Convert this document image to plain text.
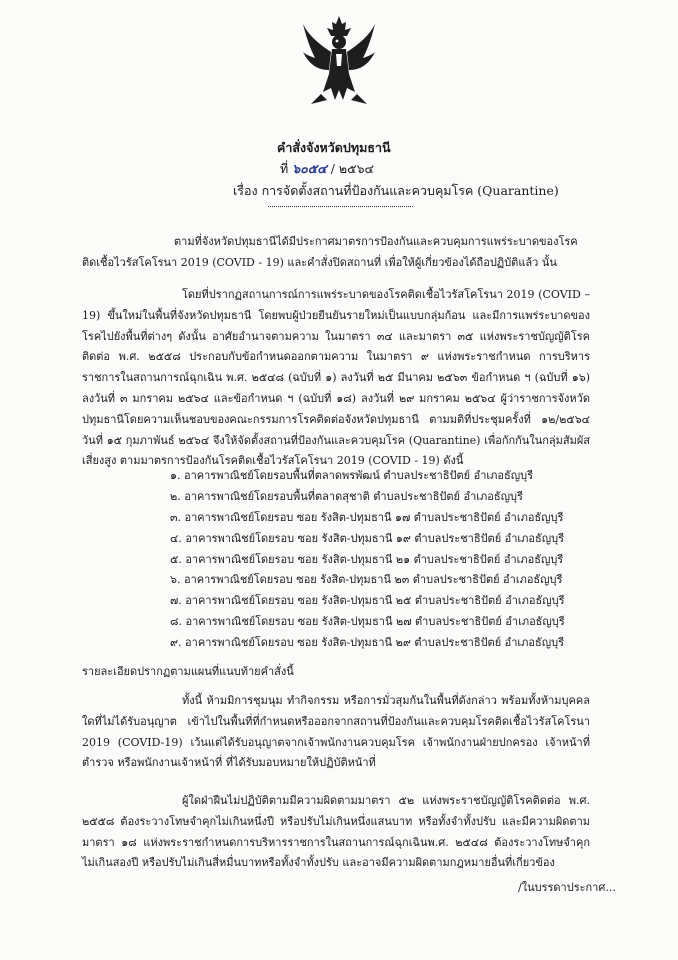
คำสั่งจังหวัดปทุมธานี
ที่ ๖๐๕๔ / ๒๕๖๔
เรื่อง การจัดตั้งสถานที่ป้องกันและควบคุมโรค (Quarantine)
ตามที่จังหวัดปทุมธานีได้มีประกาศมาตรการป้องกันและควบคุมการแพร่ระบาดของโรคติดเชื้อไวรัสโคโรนา 2019 (COVID - 19) และคำสั่งปิดสถานที่ เพื่อให้ผู้เกี่ยวข้องได้ถือปฏิบัติแล้ว นั้น
โดยที่ปรากฏสถานการณ์การแพร่ระบาดของโรคติดเชื้อไวรัสโคโรนา 2019 (COVID – 19) ขึ้นใหม่ในพื้นที่จังหวัดปทุมธานี โดยพบผู้ป่วยยืนยันรายใหม่เป็นแบบกลุ่มก้อน และมีการแพร่ระบาดของโรคไปยังพื้นที่ต่างๆ ดังนั้น อาศัยอำนาจตามความ ในมาตรา ๓๔ และมาตรา ๓๕ แห่งพระราชบัญญัติโรคติดต่อ พ.ศ. ๒๕๕๘ ประกอบกับข้อกำหนดออกตามความ ในมาตรา ๙ แห่งพระราชกำหนด การบริหารราชการในสถานการณ์ฉุกเฉิน พ.ศ. ๒๕๔๘ (ฉบับที่ ๑) ลงวันที่ ๒๕ มีนาคม ๒๕๖๓ ข้อกำหนด ฯ (ฉบับที่ ๑๖) ลงวันที่ ๓ มกราคม ๒๕๖๔ และข้อกำหนด ฯ (ฉบับที่ ๑๘) ลงวันที่ ๒๙ มกราคม ๒๕๖๔ ผู้ว่าราชการจังหวัดปทุมธานีโดยความเห็นชอบของคณะกรรมการโรคติดต่อจังหวัดปทุมธานี ตามมติที่ประชุมครั้งที่ ๑๒/๒๕๖๔ วันที่ ๑๕ กุมภาพันธ์ ๒๕๖๔ จึงให้จัดตั้งสถานที่ป้องกันและควบคุมโรค (Quarantine) เพื่อกักกันในกลุ่มสัมผัสเสี่ยงสูง ตามมาตรการป้องกันโรคติดเชื้อไวรัสโคโรนา 2019 (COVID - 19) ดังนี้
๑. อาคารพาณิชย์โดยรอบพื้นที่ตลาดพรพัฒน์ ตำบลประชาธิปัตย์ อำเภอธัญบุรี
๒. อาคารพาณิชย์โดยรอบพื้นที่ตลาดสุชาติ ตำบลประชาธิปัตย์ อำเภอธัญบุรี
๓. อาคารพาณิชย์โดยรอบ ซอย รังสิต-ปทุมธานี ๑๗ ตำบลประชาธิปัตย์ อำเภอธัญบุรี
๔. อาคารพาณิชย์โดยรอบ ซอย รังสิต-ปทุมธานี ๑๙ ตำบลประชาธิปัตย์ อำเภอธัญบุรี
๕. อาคารพาณิชย์โดยรอบ ซอย รังสิต-ปทุมธานี ๒๑ ตำบลประชาธิปัตย์ อำเภอธัญบุรี
๖. อาคารพาณิชย์โดยรอบ ซอย รังสิต-ปทุมธานี ๒๓ ตำบลประชาธิปัตย์ อำเภอธัญบุรี
๗. อาคารพาณิชย์โดยรอบ ซอย รังสิต-ปทุมธานี ๒๕ ตำบลประชาธิปัตย์ อำเภอธัญบุรี
๘. อาคารพาณิชย์โดยรอบ ซอย รังสิต-ปทุมธานี ๒๗ ตำบลประชาธิปัตย์ อำเภอธัญบุรี
๙. อาคารพาณิชย์โดยรอบ ซอย รังสิต-ปทุมธานี ๒๙ ตำบลประชาธิปัตย์ อำเภอธัญบุรี
รายละเอียดปรากฏตามแผนที่แนบท้ายคำสั่งนี้
ทั้งนี้ ห้ามมิการชุมนุม ทำกิจกรรม หรือการมั่วสุมกันในพื้นที่ดังกล่าว พร้อมทั้งห้ามบุคคลใดที่ไม่ได้รับอนุญาต เข้าไปในพื้นที่ที่กำหนดหรือออกจากสถานที่ป้องกันและควบคุมโรคติดเชื้อไวรัสโคโรนา 2019 (COVID-19) เว้นแต่ได้รับอนุญาตจากเจ้าพนักงานควบคุมโรค เจ้าพนักงานฝ่ายปกครอง เจ้าหน้าที่ตำรวจ หรือพนักงานเจ้าหน้าที่ ที่ได้รับมอบหมายให้ปฏิบัติหน้าที่
ผู้ใดฝ่าฝืนไม่ปฏิบัติตามมีความผิดตามมาตรา ๕๒ แห่งพระราชบัญญัติโรคติดต่อ พ.ศ. ๒๕๕๘ ต้องระวางโทษจำคุกไม่เกินหนึ่งปี หรือปรับไม่เกินหนึ่งแสนบาท หรือทั้งจำทั้งปรับ และมีความผิดตามมาตรา ๑๘ แห่งพระราชกำหนดการบริหารราชการในสถานการณ์ฉุกเฉินพ.ศ. ๒๕๔๘ ต้องระวางโทษจำคุกไม่เกินสองปี หรือปรับไม่เกินสี่หมื่นบาทหรือทั้งจำทั้งปรับ และอาจมีความผิดตามกฎหมายอื่นที่เกี่ยวข้อง
/ในบรรดาประกาศ...
